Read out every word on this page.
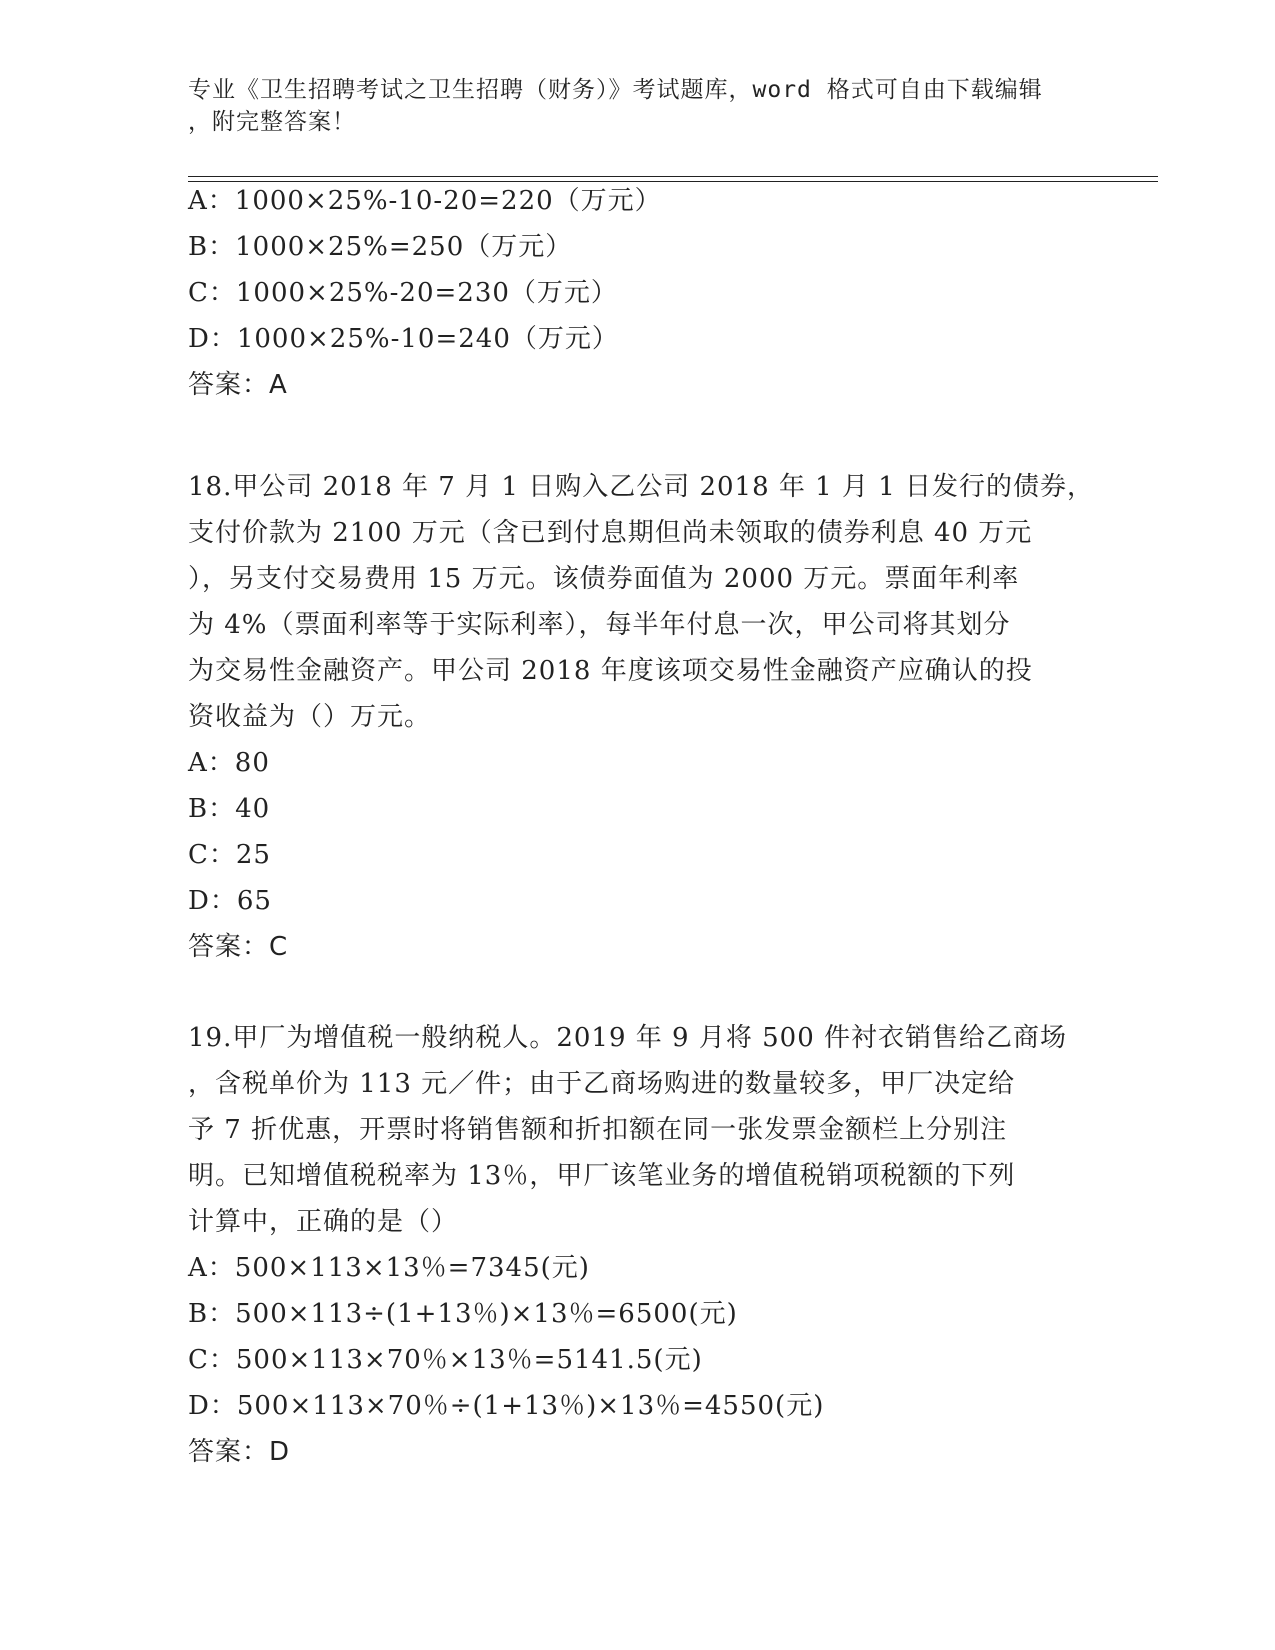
专业《卫生招聘考试之卫生招聘（财务）》考试题库，word 格式可自由下载编辑
，附完整答案！
A：1000×25%-10-20=220（万元）
B：1000×25%=250（万元）
C：1000×25%-20=230（万元）
D：1000×25%-10=240（万元）
答案：A
18.甲公司 2018 年 7 月 1 日购入乙公司 2018 年 1 月 1 日发行的债券，
支付价款为 2100 万元（含已到付息期但尚未领取的债券利息 40 万元
），另支付交易费用 15 万元。该债券面值为 2000 万元。票面年利率
为 4%（票面利率等于实际利率），每半年付息一次，甲公司将其划分
为交易性金融资产。甲公司 2018 年度该项交易性金融资产应确认的投
资收益为（）万元。
A：80
B：40
C：25
D：65
答案：C
19.甲厂为增值税一般纳税人。2019 年 9 月将 500 件衬衣销售给乙商场
，含税单价为 113 元／件；由于乙商场购进的数量较多，甲厂决定给
予 7 折优惠，开票时将销售额和折扣额在同一张发票金额栏上分别注
明。已知增值税税率为 13％，甲厂该笔业务的增值税销项税额的下列
计算中，正确的是（）
A：500×113×13％=7345(元)
B：500×113÷(1+13％)×13％=6500(元)
C：500×113×70％×13％=5141.5(元)
D：500×113×70％÷(1+13％)×13％=4550(元)
答案：D
